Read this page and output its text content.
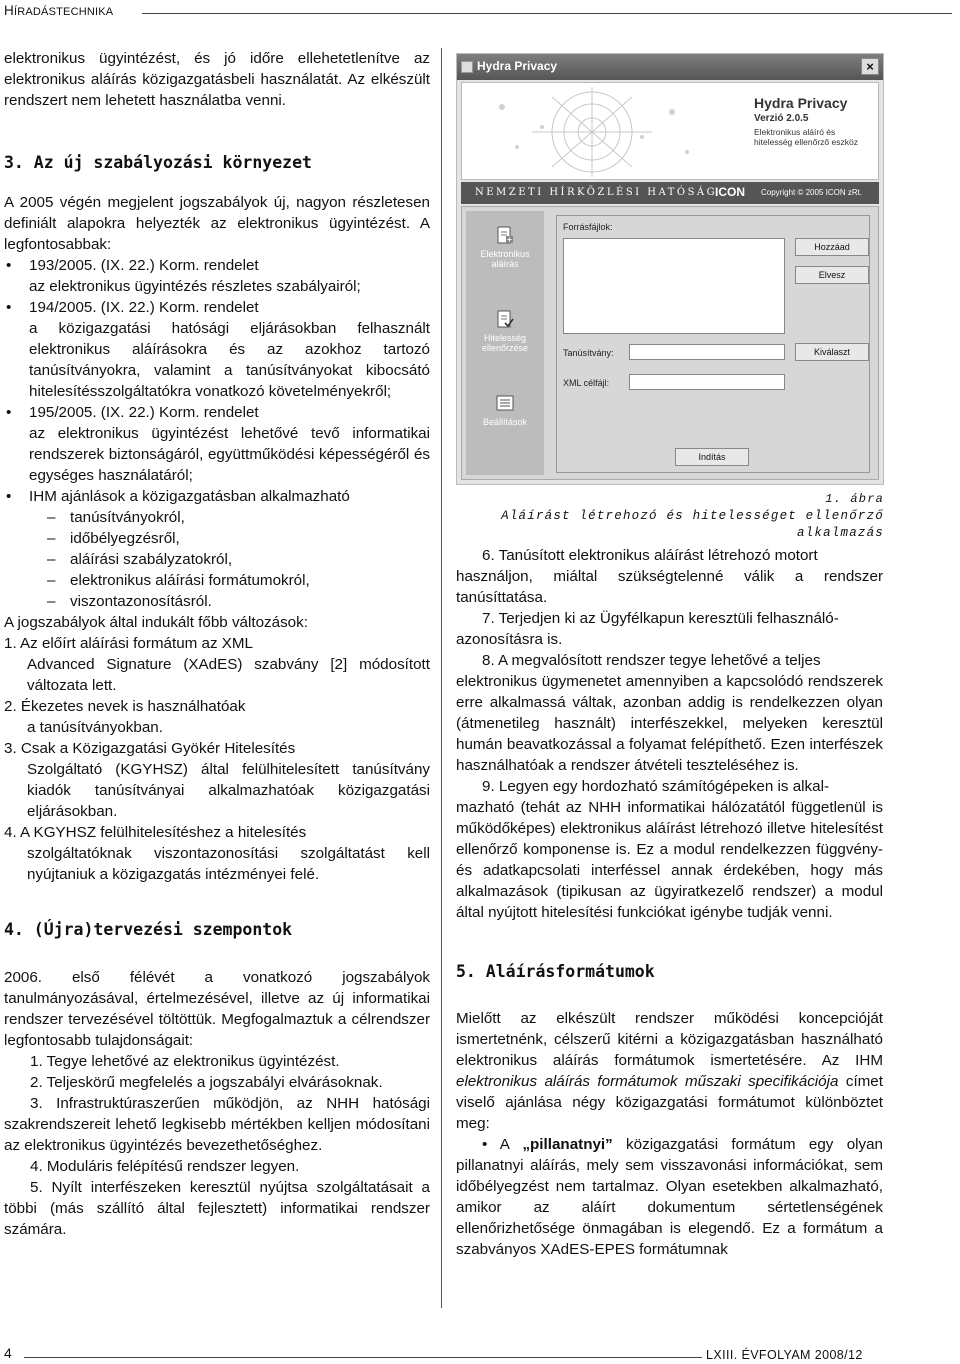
HÍRADÁSTECHNIKA

elektronikus ügyintézést, és jó időre ellehetetlenítve az elektronikus aláírás közigazgatásbeli használatát. Az elkészült rendszert nem lehetett használatba venni.

3. Az új szabályozási környezet

A 2005 végén megjelent jogszabályok új, nagyon részletesen definiált alapokra helyezték az elektronikus ügyintézést. A legfontosabbak:

• 193/2005. (IX. 22.) Korm. rendelet

az elektronikus ügyintézés részletes szabályairól;

• 194/2005. (IX. 22.) Korm. rendelet

a közigazgatási hatósági eljárásokban felhasznált elektronikus aláírásokra és az azokhoz tartozó tanúsítványokra, valamint a tanúsítványokat kibocsátó hitelesítésszolgáltatókra vonatkozó követelményekről;

• 195/2005. (IX. 22.) Korm. rendelet

az elektronikus ügyintézést lehetővé tevő informatikai rendszerek biztonságáról, együttműködési képességéről és egységes használatáról;

• IHM ajánlások a közigazgatásban alkalmazható

– tanúsítványokról,

– időbélyegzésről,

– aláírási szabályzatokról,

– elektronikus aláírási formátumokról,

– viszontazonosításról.

A jogszabályok által indukált főbb változások:

1. Az előírt aláírási formátum az XML

Advanced Signature (XAdES) szabvány [2] módosított változata lett.

2. Ékezetes nevek is használhatóak

a tanúsítványokban.

3. Csak a Közigazgatási Gyökér Hitelesítés

Szolgáltató (KGYHSZ) által felülhitelesített tanúsítvány kiadók tanúsítványai alkalmazhatóak közigazgatási eljárásokban.

4. A KGYHSZ felülhitelesítéshez a hitelesítés

szolgáltatóknak viszontazonosítási szolgáltatást kell nyújtaniuk a közigazgatás intézményei felé.

4. (Újra)tervezési szempontok

2006. első félévét a vonatkozó jogszabályok tanulmányozásával, értelmezésével, illetve az új informatikai rendszer tervezésével töltöttük. Megfogalmaztuk a célrendszer legfontosabb tulajdonságait:

1. Tegye lehetővé az elektronikus ügyintézést.

2. Teljeskörű megfelelés a jogszabályi elvárásoknak.

3. Infrastruktúraszerűen működjön, az NHH hatósági szakrendszereit lehető legkisebb mértékben kelljen módosítani az elektronikus ügyintézés bevezethetőséghez.

4. Moduláris felépítésű rendszer legyen.

5. Nyílt interfészeken keresztül nyújtsa szolgáltatásait a többi (más szállító által fejlesztett) informatikai rendszer számára.

Hydra Privacy	×
Hydra Privacy
Verzió 2.0.5
Elektronikus aláíró és hitelesség ellenőrző eszköz
NEMZETI HÍRKÖZLÉSI HATÓSÁG
ICON Copyright © 2005 ICON zRt.
Elektronikus aláírás
Hitelesség ellenőrzése
Beállítások
Forrásfájlok:
Hozzáad
Elvesz
Tanúsítvány:	Kiválaszt
XML célfájl:
Indítás
1. ábra
Aláírást létrehozó és hitelességet ellenőrző alkalmazás

6. Tanúsított elektronikus aláírást létrehozó motort

használjon, miáltal szükségtelenné válik a rendszer tanúsíttatása.

7. Terjedjen ki az Ügyfélkapun keresztüli felhasználó-

azonosításra is.

8. A megvalósított rendszer tegye lehetővé a teljes

elektronikus ügymenetet amennyiben a kapcsolódó rendszerek erre alkalmassá váltak, azonban addig is rendelkezzen olyan (átmenetileg használt) interfészekkel, melyeken keresztül humán beavatkozással a folyamat felépíthető. Ezen interfészek használhatóak a rendszer átvételi teszteléséhez is.

9. Legyen egy hordozható számítógépeken is alkal-

mazható (tehát az NHH informatikai hálózatától függetlenül is működőképes) elektronikus aláírást létrehozó illetve hitelesítést ellenőrző komponense is. Ez a modul rendelkezzen függvény- és adatkapcsolati interféssel annak érdekében, hogy más alkalmazások (tipikusan az ügyiratkezelő rendszer) a modul által nyújtott hitelesítési funkciókat igénybe tudják venni.

5. Aláírásformátumok

Mielőtt az elkészült rendszer működési koncepcióját ismertetnénk, célszerű kitérni a közigazgatásban használható elektronikus aláírás formátumok ismertetésére. Az IHM elektronikus aláírás formátumok műszaki specifikációja címet viselő ajánlása négy közigazgatási formátumot különböztet meg:

• A „pillanatnyi” közigazgatási formátum egy olyan pillanatnyi aláírás, mely sem visszavonási információkat, sem időbélyegzést nem tartalmaz. Olyan esetekben alkalmazható, amikor az aláírt dokumentum sértetlenségének ellenőrizhetősége önmagában is elegendő. Ez a formátum a szabványos XAdES-EPES formátumnak

4	LXIII. ÉVFOLYAM 2008/12
